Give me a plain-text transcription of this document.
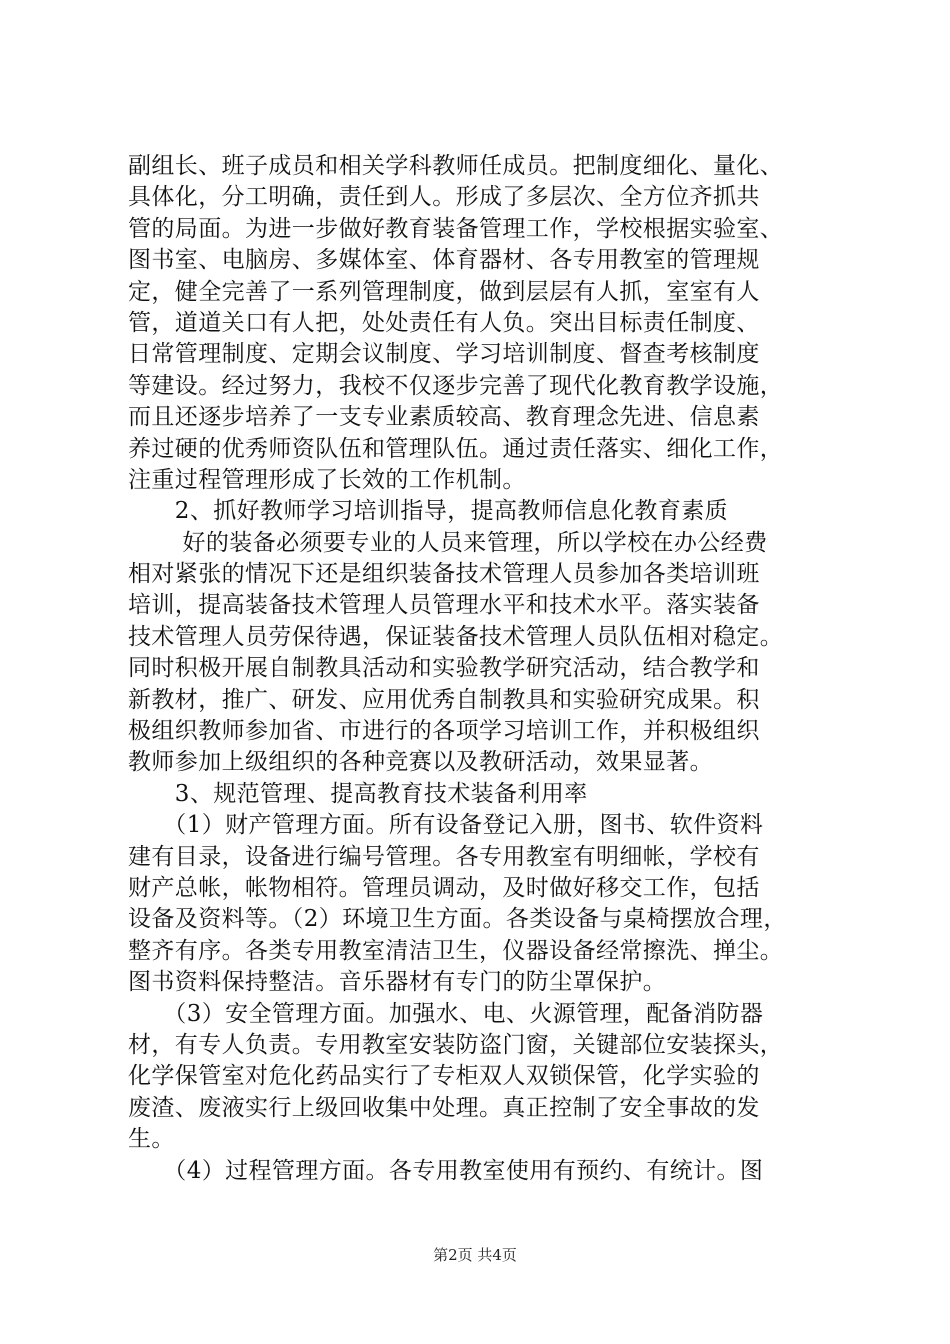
副组长、班子成员和相关学科教师任成员。把制度细化、量化、
具体化，分工明确，责任到人。形成了多层次、全方位齐抓共
管的局面。为进一步做好教育装备管理工作，学校根据实验室、
图书室、电脑房、多媒体室、体育器材、各专用教室的管理规
定，健全完善了一系列管理制度，做到层层有人抓，室室有人
管，道道关口有人把，处处责任有人负。突出目标责任制度、
日常管理制度、定期会议制度、学习培训制度、督查考核制度
等建设。经过努力，我校不仅逐步完善了现代化教育教学设施，
而且还逐步培养了一支专业素质较高、教育理念先进、信息素
养过硬的优秀师资队伍和管理队伍。通过责任落实、细化工作，
注重过程管理形成了长效的工作机制。
　　2、抓好教师学习培训指导，提高教师信息化教育素质
　　 好的装备必须要专业的人员来管理，所以学校在办公经费
相对紧张的情况下还是组织装备技术管理人员参加各类培训班
培训，提高装备技术管理人员管理水平和技术水平。落实装备
技术管理人员劳保待遇，保证装备技术管理人员队伍相对稳定。
同时积极开展自制教具活动和实验教学研究活动，结合教学和
新教材，推广、研发、应用优秀自制教具和实验研究成果。积
极组织教师参加省、市进行的各项学习培训工作，并积极组织
教师参加上级组织的各种竞赛以及教研活动，效果显著。
　　3、规范管理、提高教育技术装备利用率
　　（1）财产管理方面。所有设备登记入册，图书、软件资料
建有目录，设备进行编号管理。各专用教室有明细帐，学校有
财产总帐，帐物相符。管理员调动，及时做好移交工作，包括
设备及资料等。（2）环境卫生方面。各类设备与桌椅摆放合理，
整齐有序。各类专用教室清洁卫生，仪器设备经常擦洗、掸尘。
图书资料保持整洁。音乐器材有专门的防尘罩保护。
　　（3）安全管理方面。加强水、电、火源管理，配备消防器
材，有专人负责。专用教室安装防盗门窗，关键部位安装探头，
化学保管室对危化药品实行了专柜双人双锁保管，化学实验的
废渣、废液实行上级回收集中处理。真正控制了安全事故的发
生。
　　（4）过程管理方面。各专用教室使用有预约、有统计。图
第2页 共4页
